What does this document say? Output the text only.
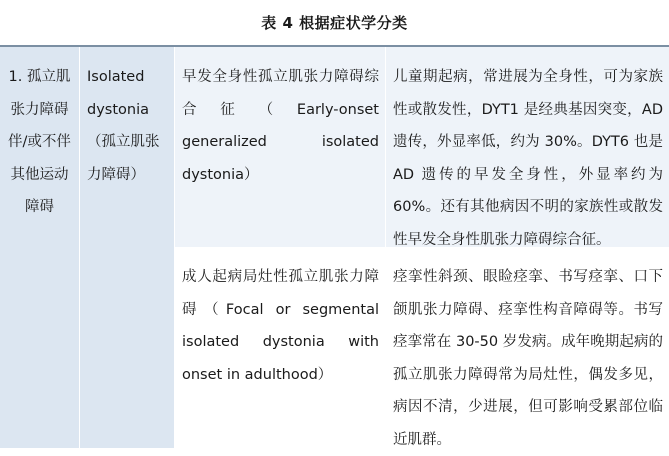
表 4 根据症状学分类
1. 孤立肌张力障碍伴/或不伴其他运动障碍
Isolated dystonia （孤立肌张力障碍）
早发全身性孤立肌张力障碍综合征（Early-onset generalized isolated dystonia）
儿童期起病，常进展为全身性，可为家族性或散发性，DYT1 是经典基因突变，AD 遗传，外显率低，约为 30%。DYT6 也是 AD 遗传的早发全身性，外显率约为 60%。还有其他病因不明的家族性或散发性早发全身性肌张力障碍综合征。
成人起病局灶性孤立肌张力障碍（Focal or segmental isolated dystonia with onset in adulthood）
痉挛性斜颈、眼睑痉挛、书写痉挛、口下颌肌张力障碍、痉挛性构音障碍等。书写痉挛常在 30-50 岁发病。成年晚期起病的孤立肌张力障碍常为局灶性，偶发多见，病因不清，少进展，但可影响受累部位临近肌群。
